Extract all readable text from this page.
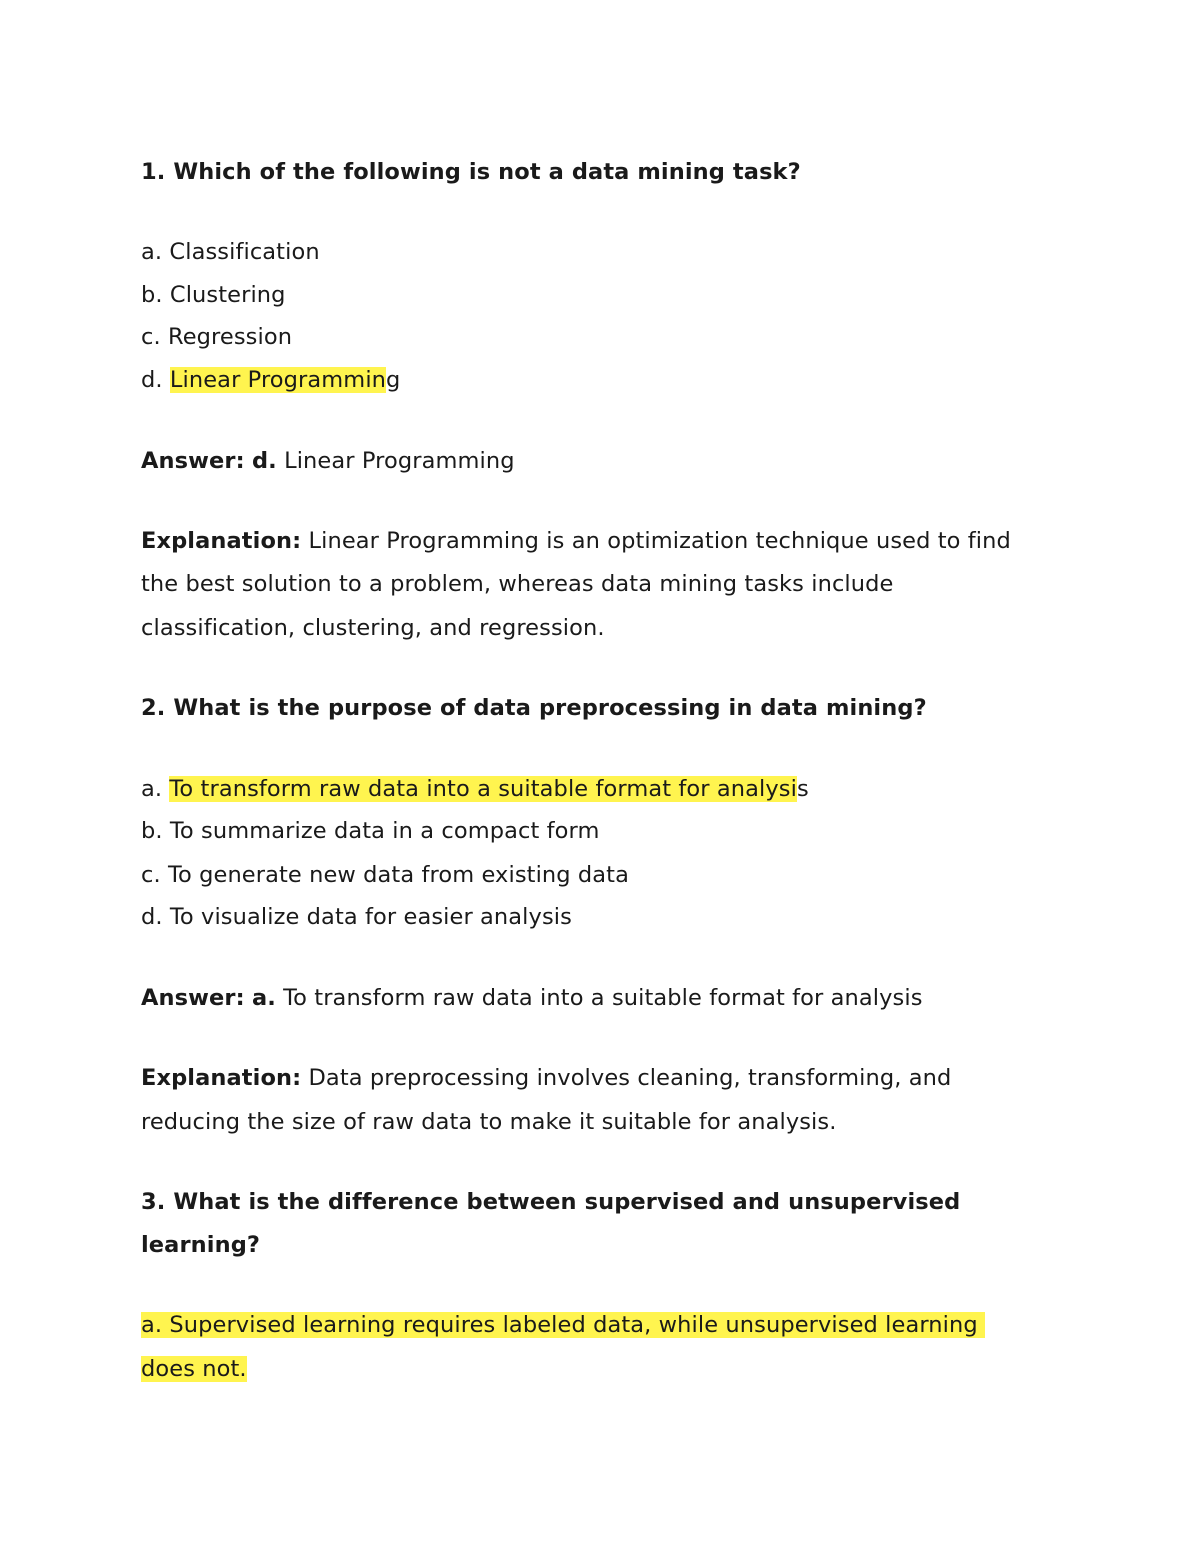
1. Which of the following is not a data mining task?
a. Classification
b. Clustering
c. Regression
d. Linear Programming
Answer: d. Linear Programming
Explanation: Linear Programming is an optimization technique used to find
the best solution to a problem, whereas data mining tasks include
classification, clustering, and regression.
2. What is the purpose of data preprocessing in data mining?
a. To transform raw data into a suitable format for analysis
b. To summarize data in a compact form
c. To generate new data from existing data
d. To visualize data for easier analysis
Answer: a. To transform raw data into a suitable format for analysis
Explanation: Data preprocessing involves cleaning, transforming, and
reducing the size of raw data to make it suitable for analysis.
3. What is the difference between supervised and unsupervised
learning?
a. Supervised learning requires labeled data, while unsupervised learning
does not.
